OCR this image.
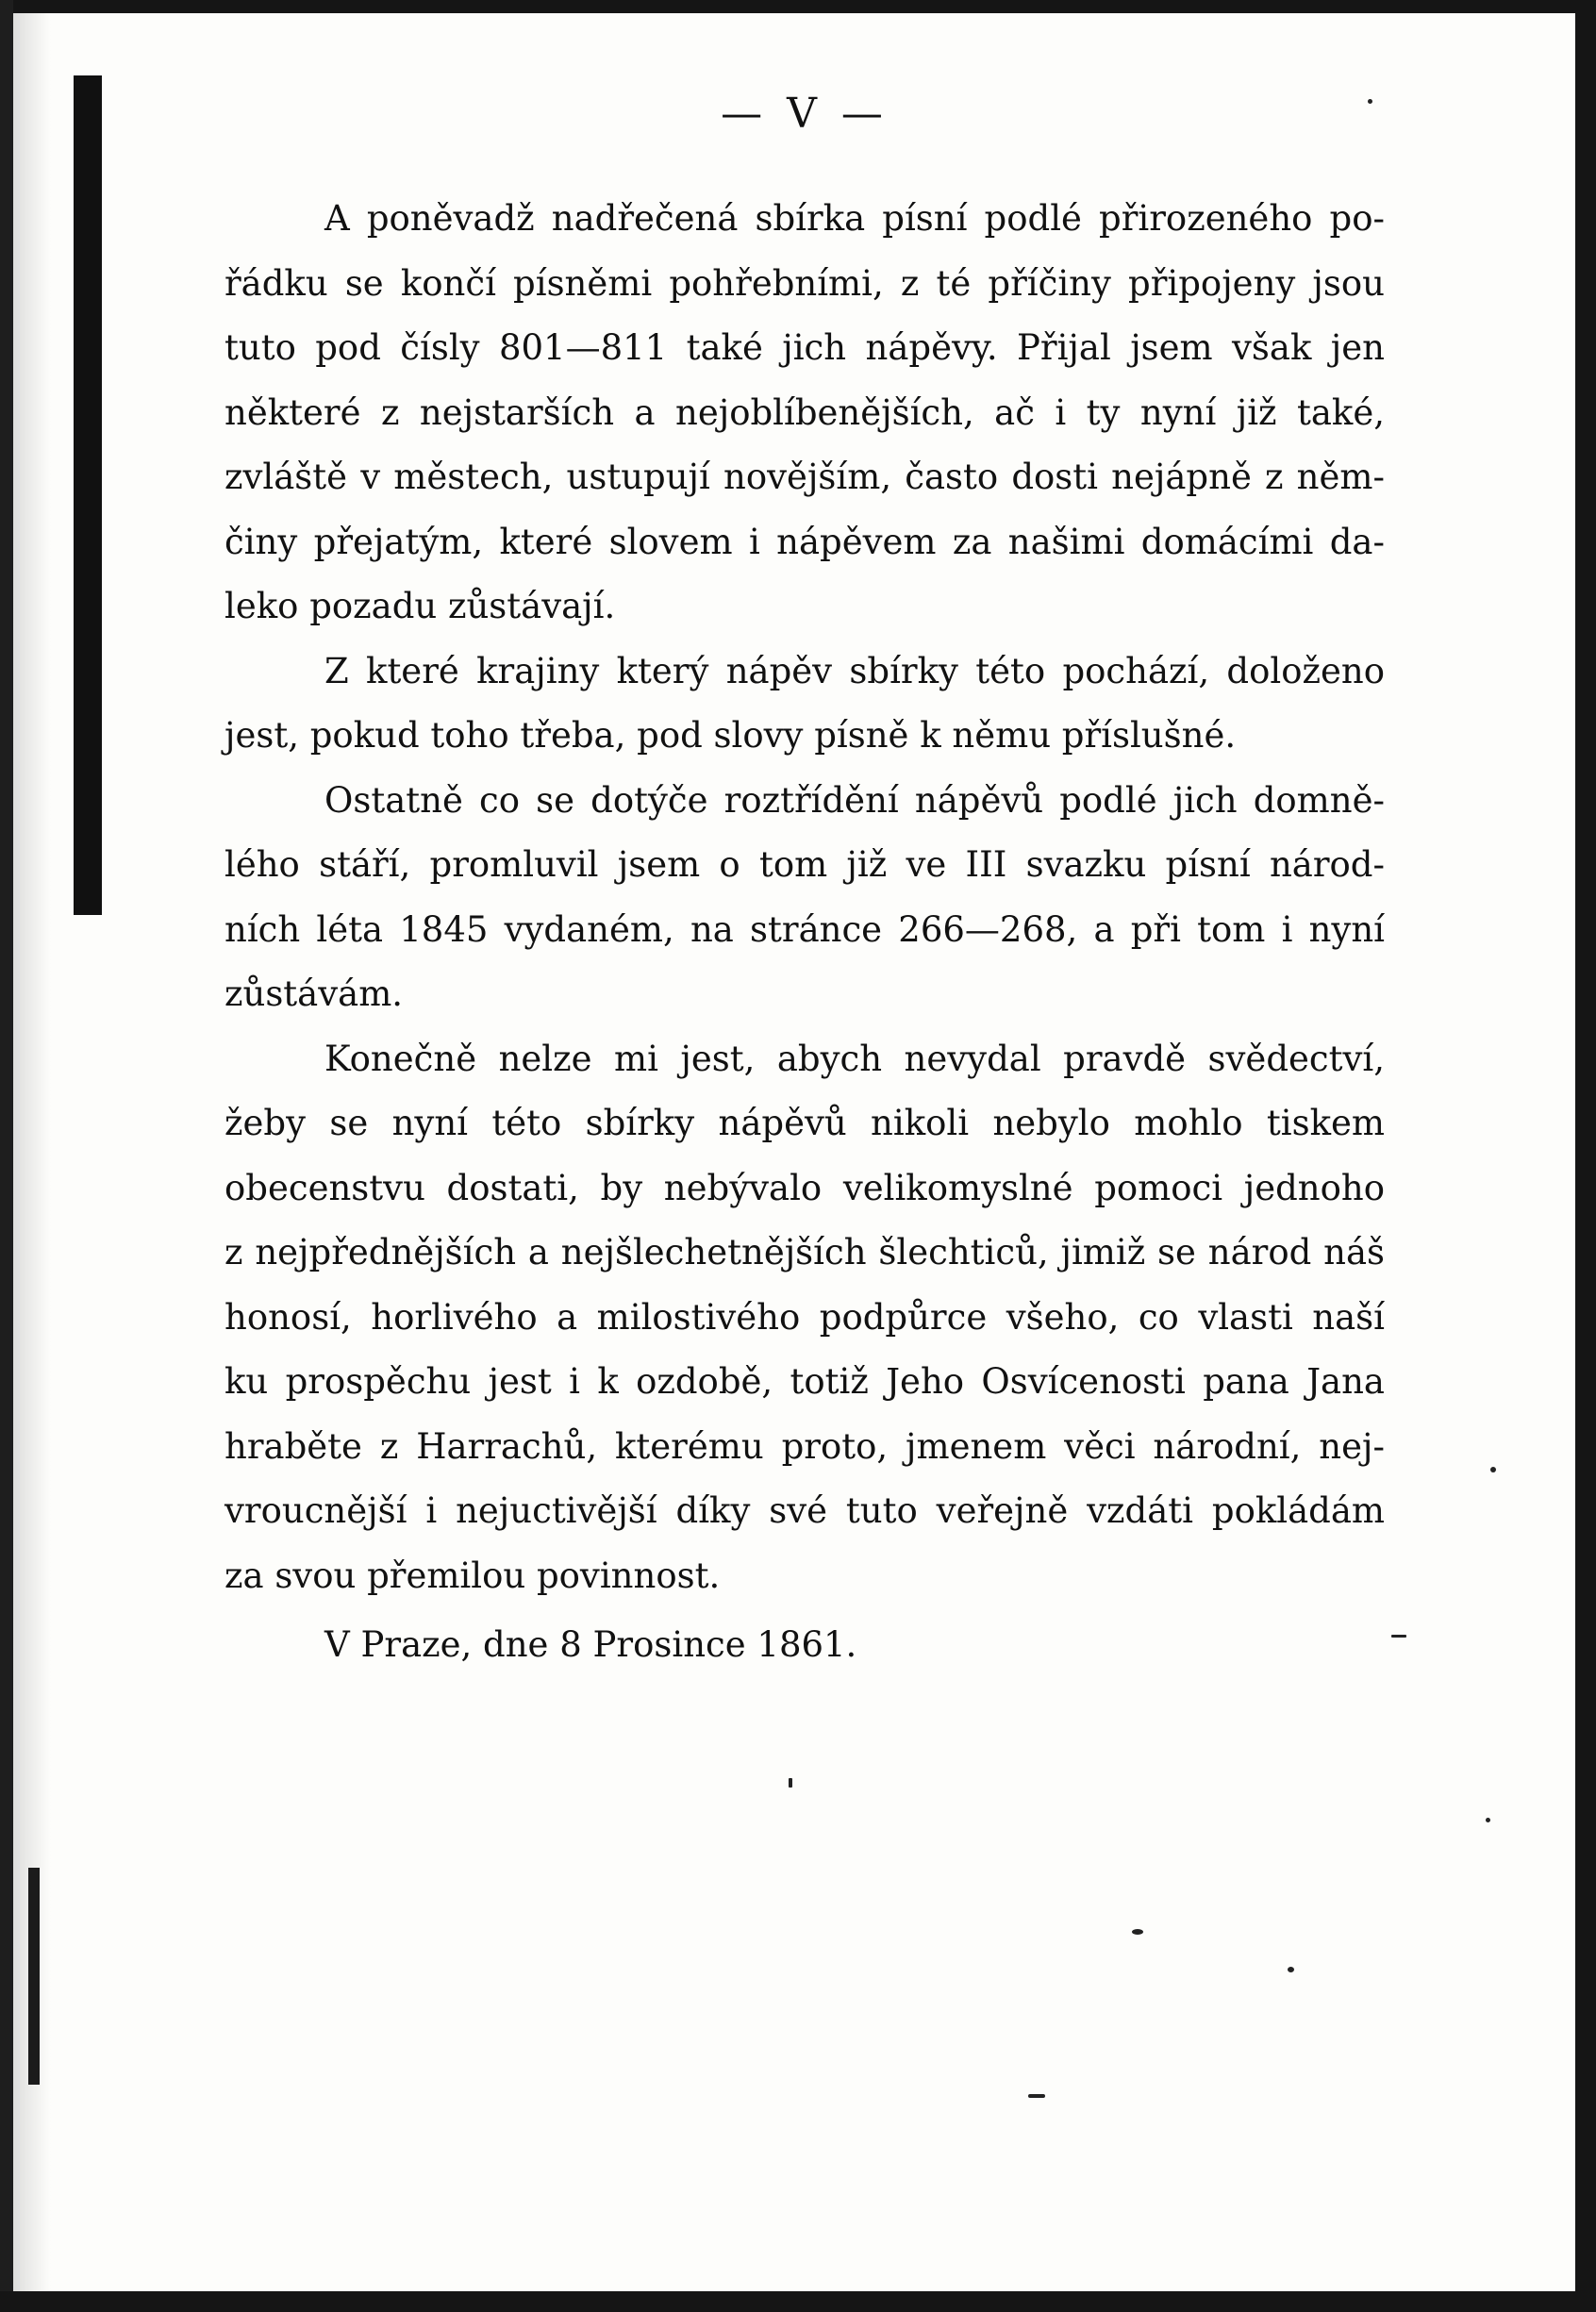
— V —

A poněvadž nadřečená sbírka písní podlé přirozeného po-

řádku se končí písněmi pohřebními, z té příčiny připojeny jsou

tuto pod čísly 801—811 také jich nápěvy. Přijal jsem však jen

některé z nejstarších a nejoblíbenějších, ač i ty nyní již také,

zvláště v městech, ustupují novějším, často dosti nejápně z něm-

činy přejatým, které slovem i nápěvem za našimi domácími da-

leko pozadu zůstávají.

Z které krajiny který nápěv sbírky této pochází, doloženo

jest, pokud toho třeba, pod slovy písně k němu příslušné.

Ostatně co se dotýče roztřídění nápěvů podlé jich domně-

lého stáří, promluvil jsem o tom již ve III svazku písní národ-

ních léta 1845 vydaném, na stránce 266—268, a při tom i nyní

zůstávám.

Konečně nelze mi jest, abych nevydal pravdě svědectví,

žeby se nyní této sbírky nápěvů nikoli nebylo mohlo tiskem

obecenstvu dostati, by nebývalo velikomyslné pomoci jednoho

z nejpřednějších a nejšlechetnějších šlechticů, jimiž se národ náš

honosí, horlivého a milostivého podpůrce všeho, co vlasti naší

ku prospěchu jest i k ozdobě, totiž Jeho Osvícenosti pana Jana

hraběte z Harrachů, kterému proto, jmenem věci národní, nej-

vroucnější i nejuctivější díky své tuto veřejně vzdáti pokládám

za svou přemilou povinnost.

V Praze, dne 8 Prosince 1861.
